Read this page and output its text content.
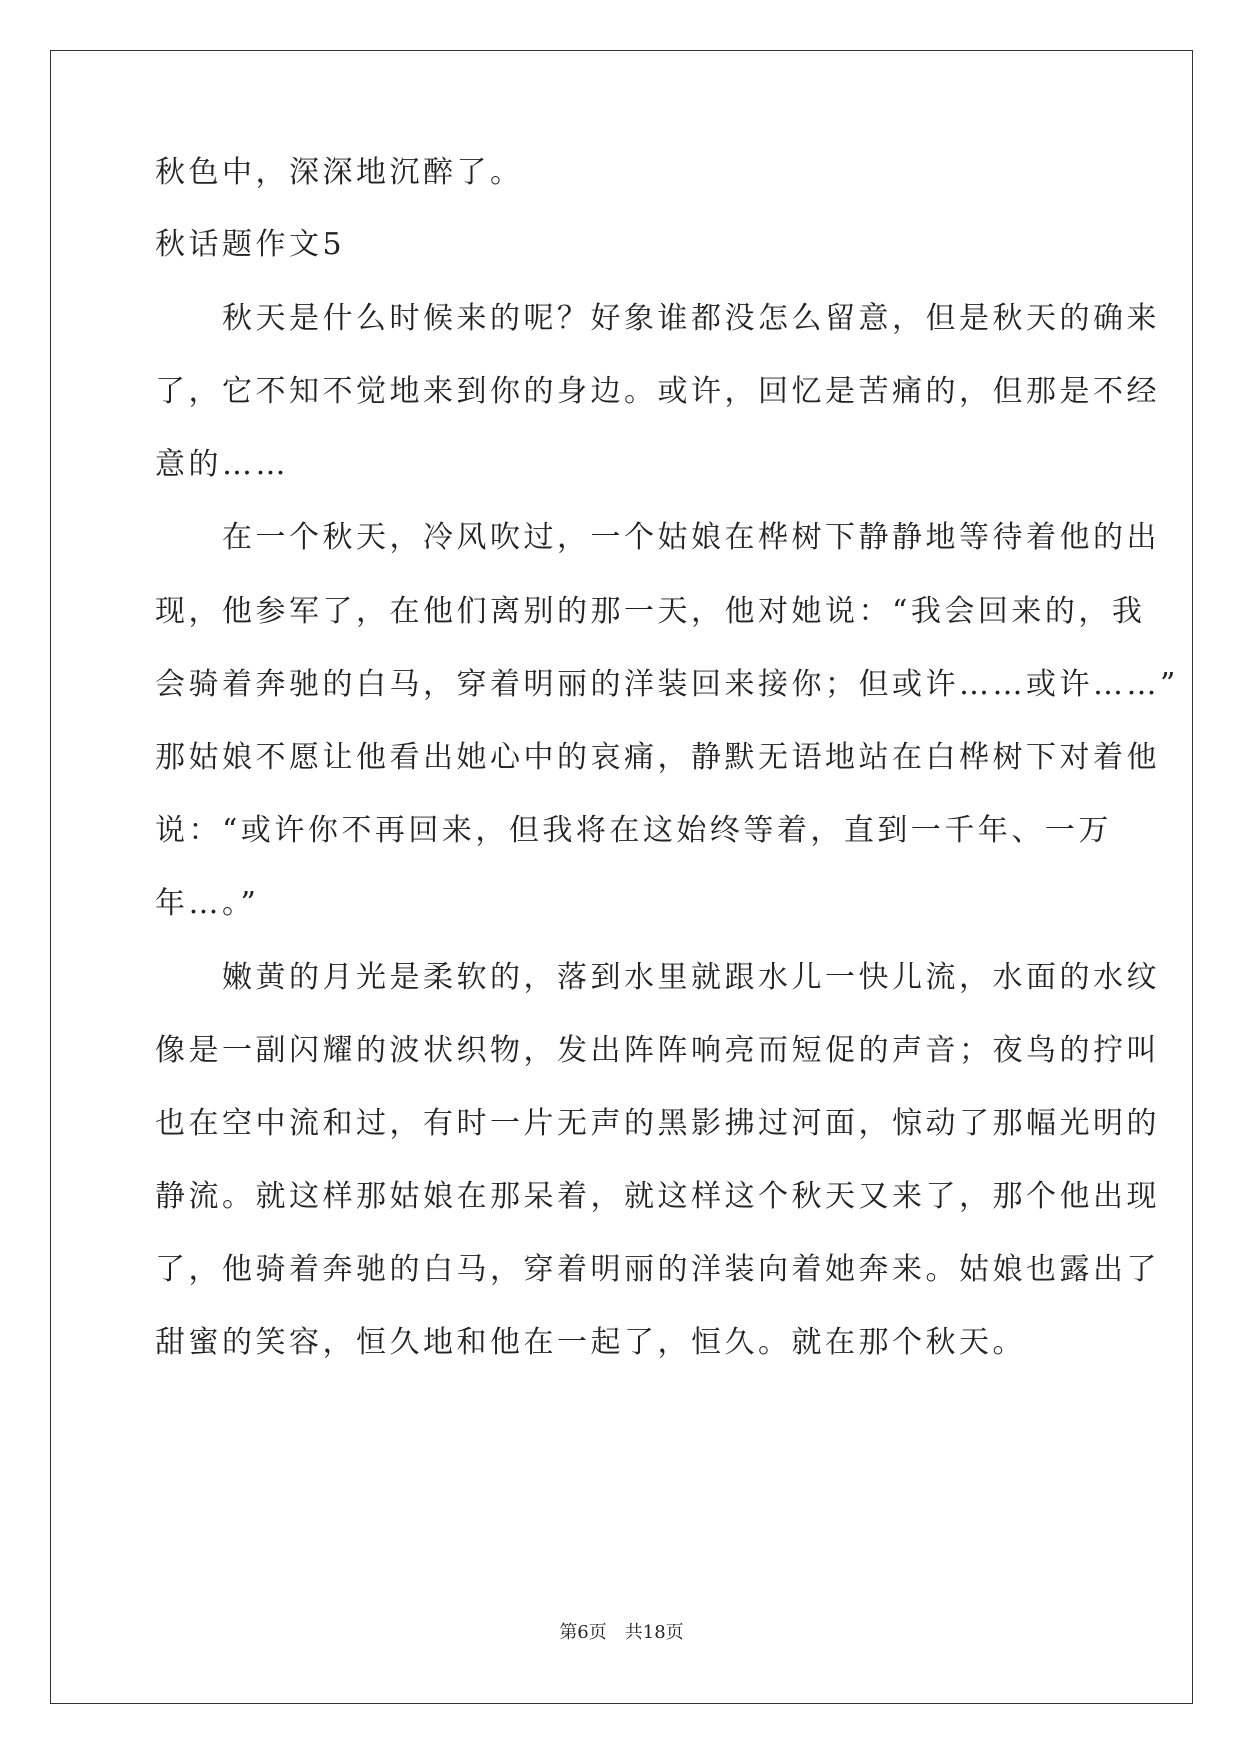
秋色中，深深地沉醉了。
秋话题作文5
　　秋天是什么时候来的呢？好象谁都没怎么留意，但是秋天的确来
了，它不知不觉地来到你的身边。或许，回忆是苦痛的，但那是不经
意的……
　　在一个秋天，冷风吹过，一个姑娘在桦树下静静地等待着他的出
现，他参军了，在他们离别的那一天，他对她说：“我会回来的，我
会骑着奔驰的白马，穿着明丽的洋装回来接你；但或许……或许……”
那姑娘不愿让他看出她心中的哀痛，静默无语地站在白桦树下对着他
说：“或许你不再回来，但我将在这始终等着，直到一千年、一万
年…。”
　　嫩黄的月光是柔软的，落到水里就跟水儿一快儿流，水面的水纹
像是一副闪耀的波状织物，发出阵阵响亮而短促的声音；夜鸟的拧叫
也在空中流和过，有时一片无声的黑影拂过河面，惊动了那幅光明的
静流。就这样那姑娘在那呆着，就这样这个秋天又来了，那个他出现
了，他骑着奔驰的白马，穿着明丽的洋装向着她奔来。姑娘也露出了
甜蜜的笑容，恒久地和他在一起了，恒久。就在那个秋天。
第6页　共18页
